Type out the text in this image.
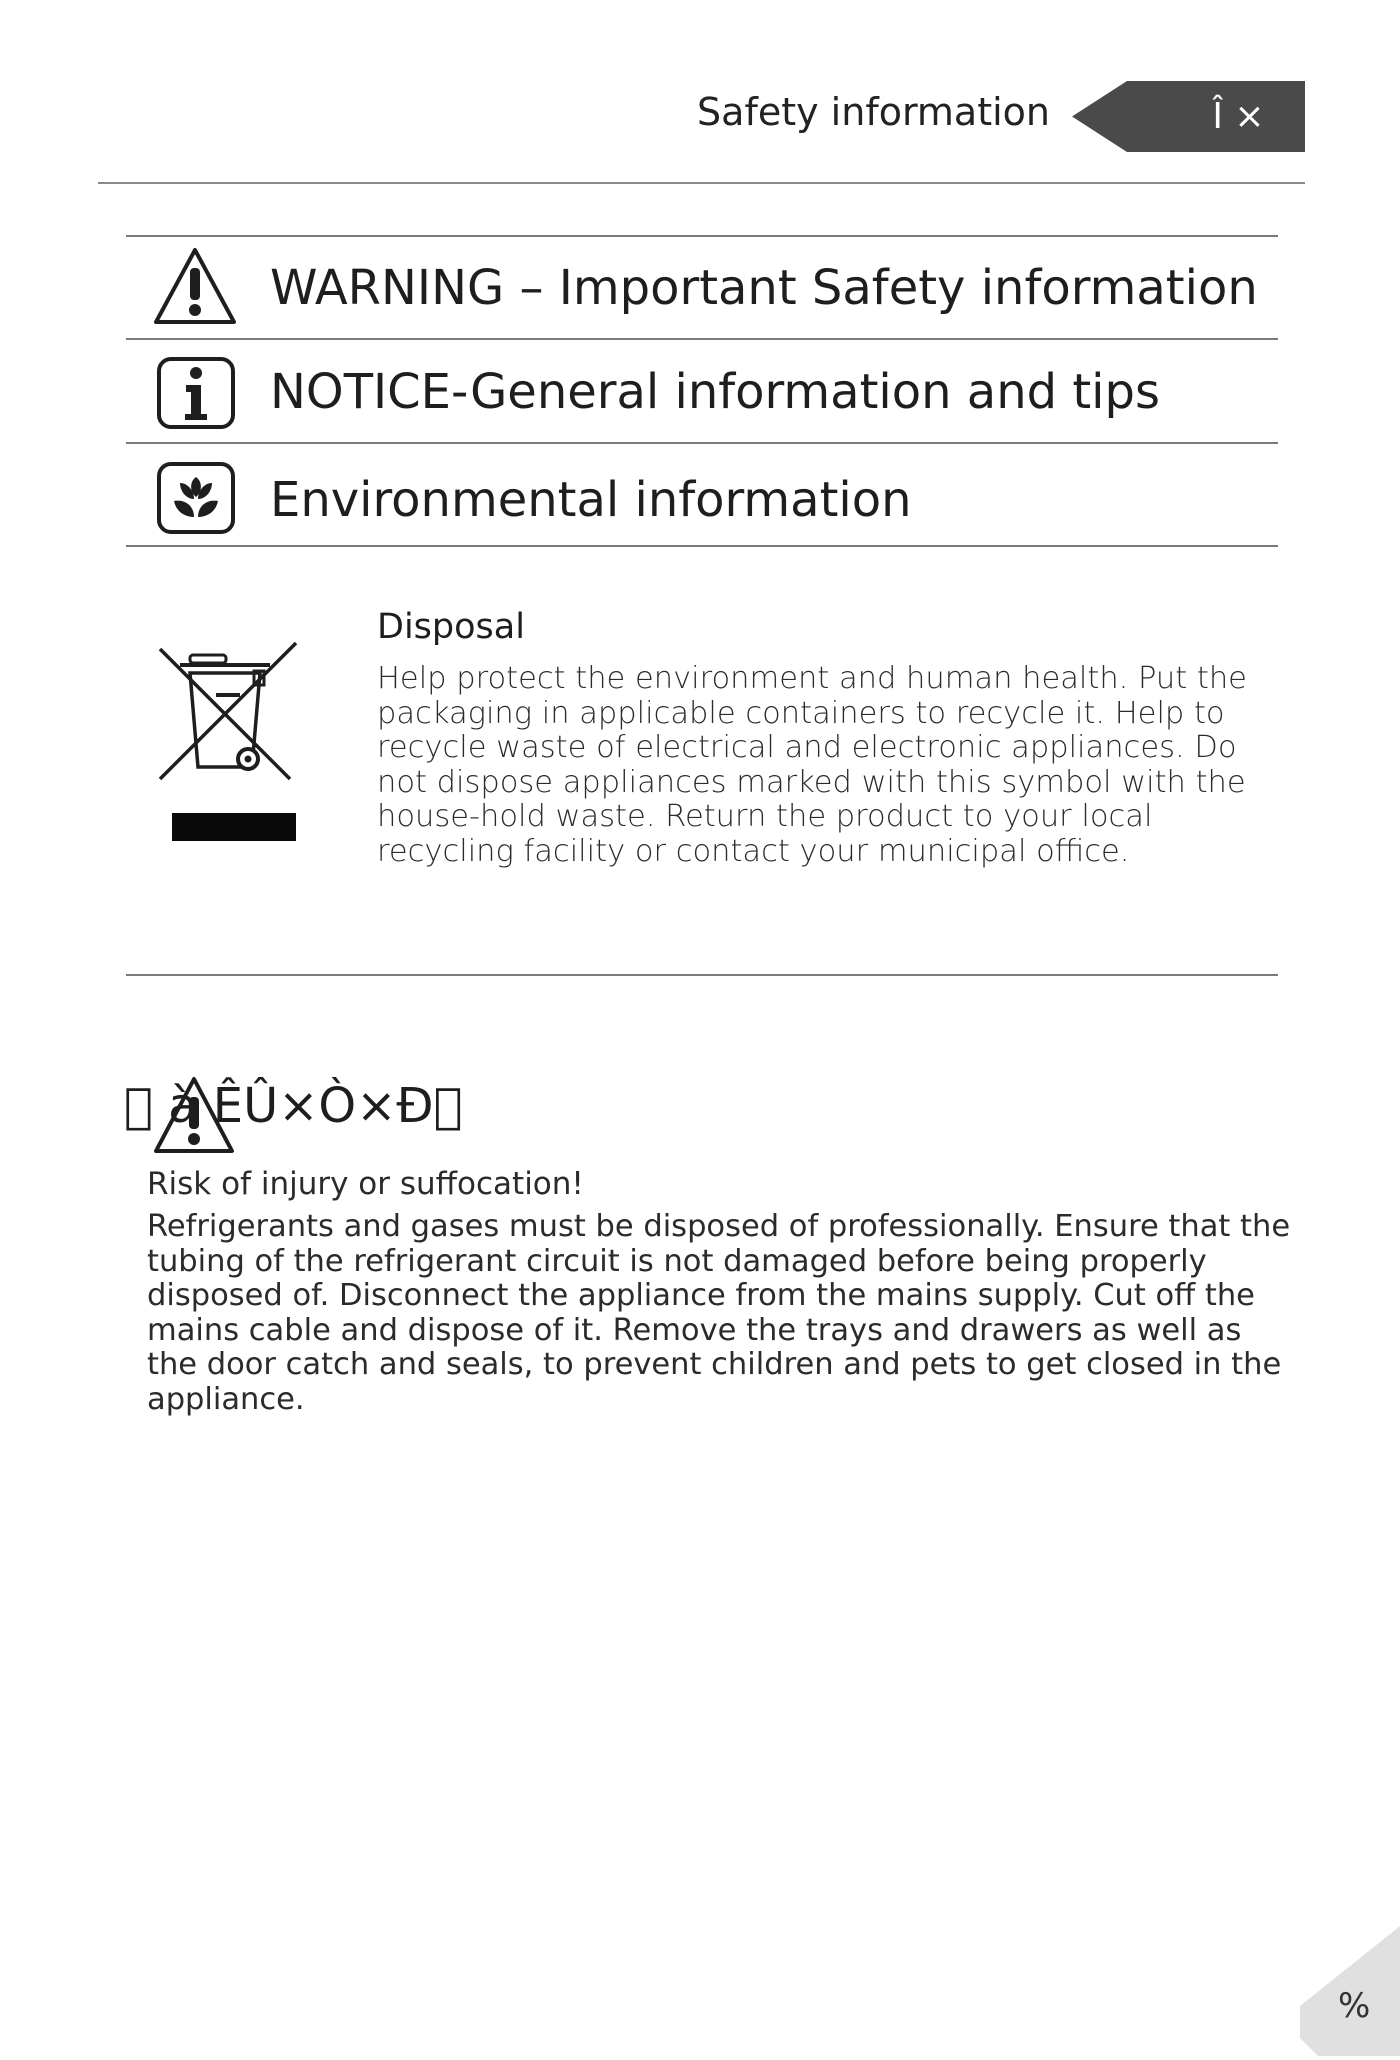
Safety information	Î ×
WARNING – Important Safety information
NOTICE-General information and tips
Environmental information
Disposal
Help protect the environment and human health. Put the packaging in applicable containers to recycle it. Help to recycle waste of electrical and electronic appliances. Do not dispose appliances marked with this symbol with the house-hold waste. Return the product to your local recycling facility or contact your municipal office.
􀀀 à ÊÛ×Ò×Ð􀀀
Risk of injury or suffocation!
Refrigerants and gases must be disposed of professionally. Ensure that the tubing of the refrigerant circuit is not damaged before being properly disposed of. Disconnect the appliance from the mains supply. Cut off the mains cable and dispose of it. Remove the trays and drawers as well as the door catch and seals, to prevent children and pets to get closed in the appliance.
%
